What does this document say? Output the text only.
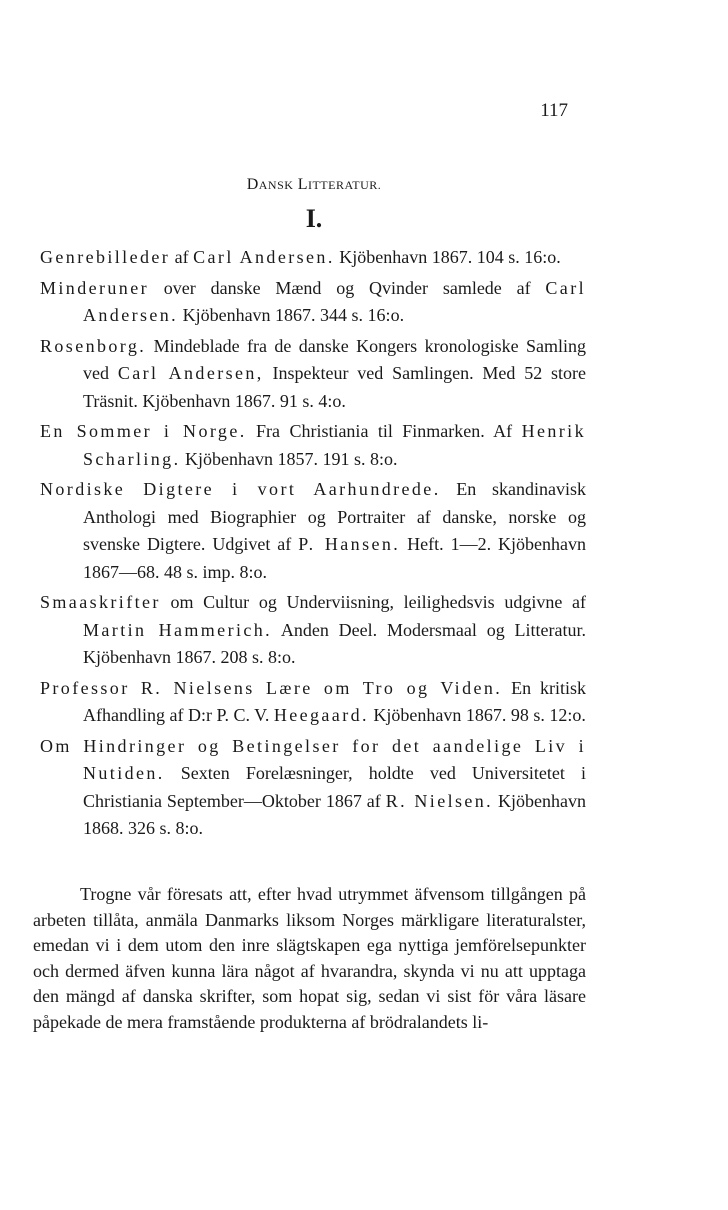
117
DANSK LITTERATUR.
I.

Genrebilleder af Carl Andersen. Kjöbenhavn 1867. 104 s. 16:o.

Minderuner over danske Mænd og Qvinder samlede af Carl Andersen. Kjöbenhavn 1867. 344 s. 16:o.

Rosenborg. Mindeblade fra de danske Kongers kronologiske Samling ved Carl Andersen, Inspekteur ved Samlingen. Med 52 store Träsnit. Kjöbenhavn 1867. 91 s. 4:o.

En Sommer i Norge. Fra Christiania til Finmarken. Af Henrik Scharling. Kjöbenhavn 1857. 191 s. 8:o.

Nordiske Digtere i vort Aarhundrede. En skandinavisk Anthologi med Biographier og Portraiter af danske, norske og svenske Digtere. Udgivet af P. Hansen. Heft. 1—2. Kjöbenhavn 1867—68. 48 s. imp. 8:o.

Smaaskrifter om Cultur og Underviisning, leilighedsvis udgivne af Martin Hammerich. Anden Deel. Modersmaal og Litteratur. Kjöbenhavn 1867. 208 s. 8:o.

Professor R. Nielsens Lære om Tro og Viden. En kritisk Afhandling af D:r P. C. V. Heegaard. Kjöbenhavn 1867. 98 s. 12:o.

Om Hindringer og Betingelser for det aandelige Liv i Nutiden. Sexten Forelæsninger, holdte ved Universitetet i Christiania September—Oktober 1867 af R. Nielsen. Kjöbenhavn 1868. 326 s. 8:o.

Trogne vår föresats att, efter hvad utrymmet äfvensom tillgången på arbeten tillåta, anmäla Danmarks liksom Norges märkligare literaturalster, emedan vi i dem utom den inre slägtskapen ega nyttiga jemförelsepunkter och dermed äfven kunna lära något af hvarandra, skynda vi nu att upptaga den mängd af danska skrifter, som hopat sig, sedan vi sist för våra läsare påpekade de mera framstående produkterna af brödralandets li-
